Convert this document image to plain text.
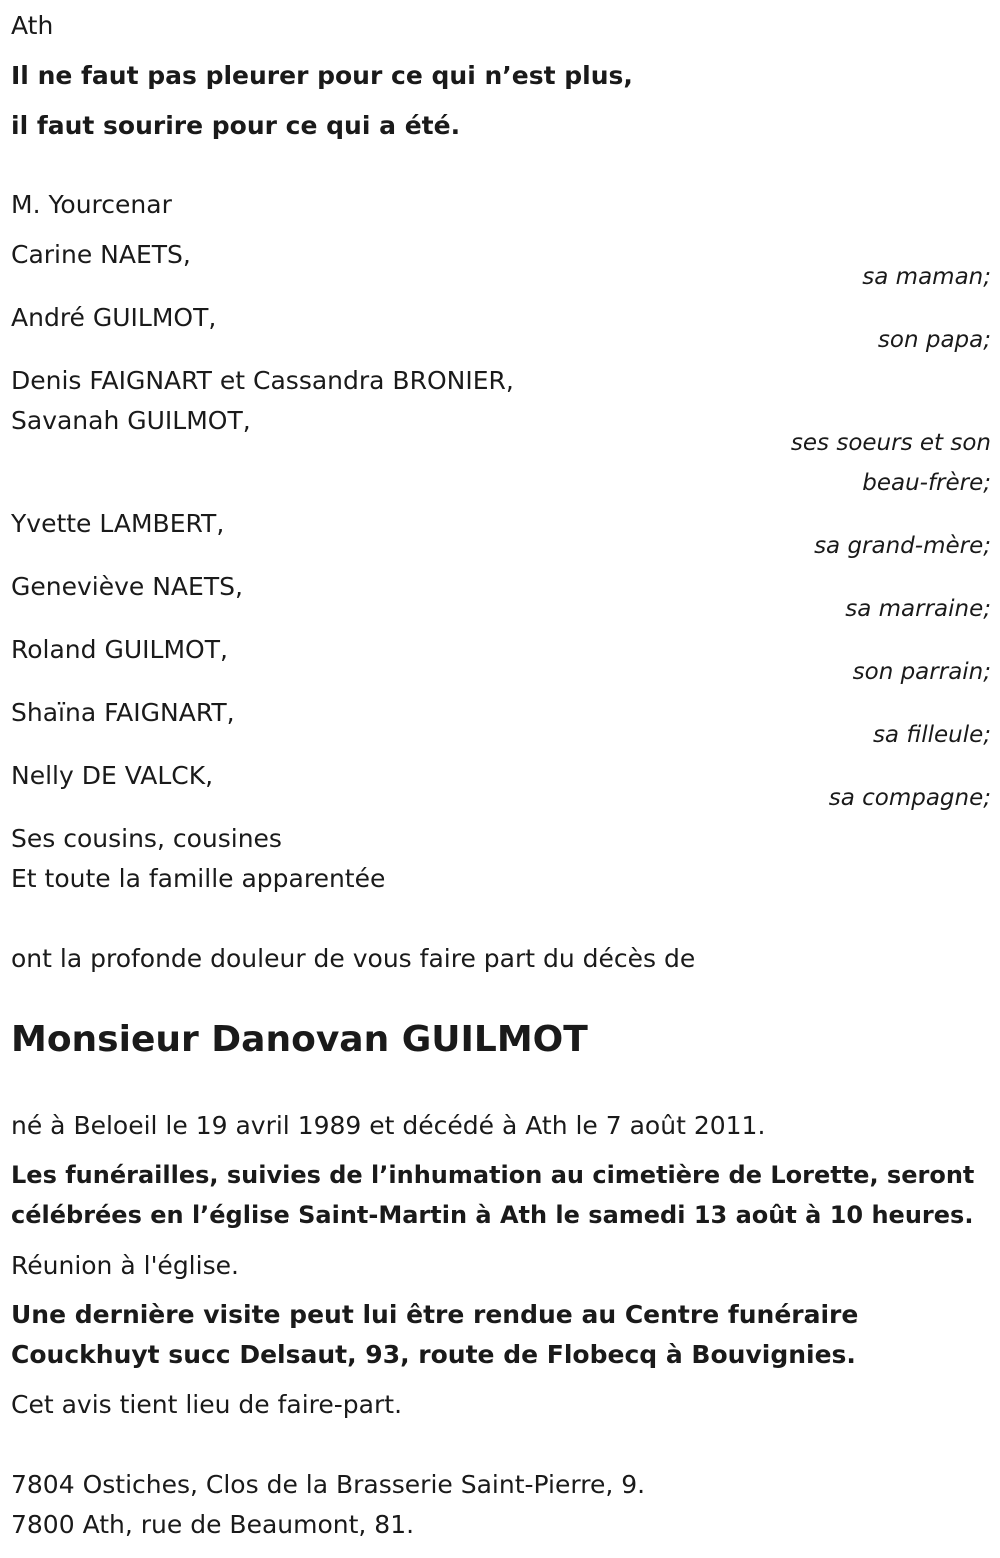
Ath
Il ne faut pas pleurer pour ce qui n’est plus,
il faut sourire pour ce qui a été.
M. Yourcenar
Carine NAETS,
sa maman;
André GUILMOT,
son papa;
Denis FAIGNART et Cassandra BRONIER,
Savanah GUILMOT,
ses soeurs et son
beau-frère;
Yvette LAMBERT,
sa grand-mère;
Geneviève NAETS,
sa marraine;
Roland GUILMOT,
son parrain;
Shaïna FAIGNART,
sa filleule;
Nelly DE VALCK,
sa compagne;
Ses cousins, cousines
Et toute la famille apparentée
ont la profonde douleur de vous faire part du décès de
Monsieur Danovan GUILMOT
né à Beloeil le 19 avril 1989 et décédé à Ath le 7 août 2011.
Les funérailles, suivies de l’inhumation au cimetière de Lorette, seront
célébrées en l’église Saint-Martin à Ath le samedi 13 août à 10 heures.
Réunion à l'église.
Une dernière visite peut lui être rendue au Centre funéraire
Couckhuyt succ Delsaut, 93, route de Flobecq à Bouvignies.
Cet avis tient lieu de faire-part.
7804 Ostiches, Clos de la Brasserie Saint-Pierre, 9.
7800 Ath, rue de Beaumont, 81.
